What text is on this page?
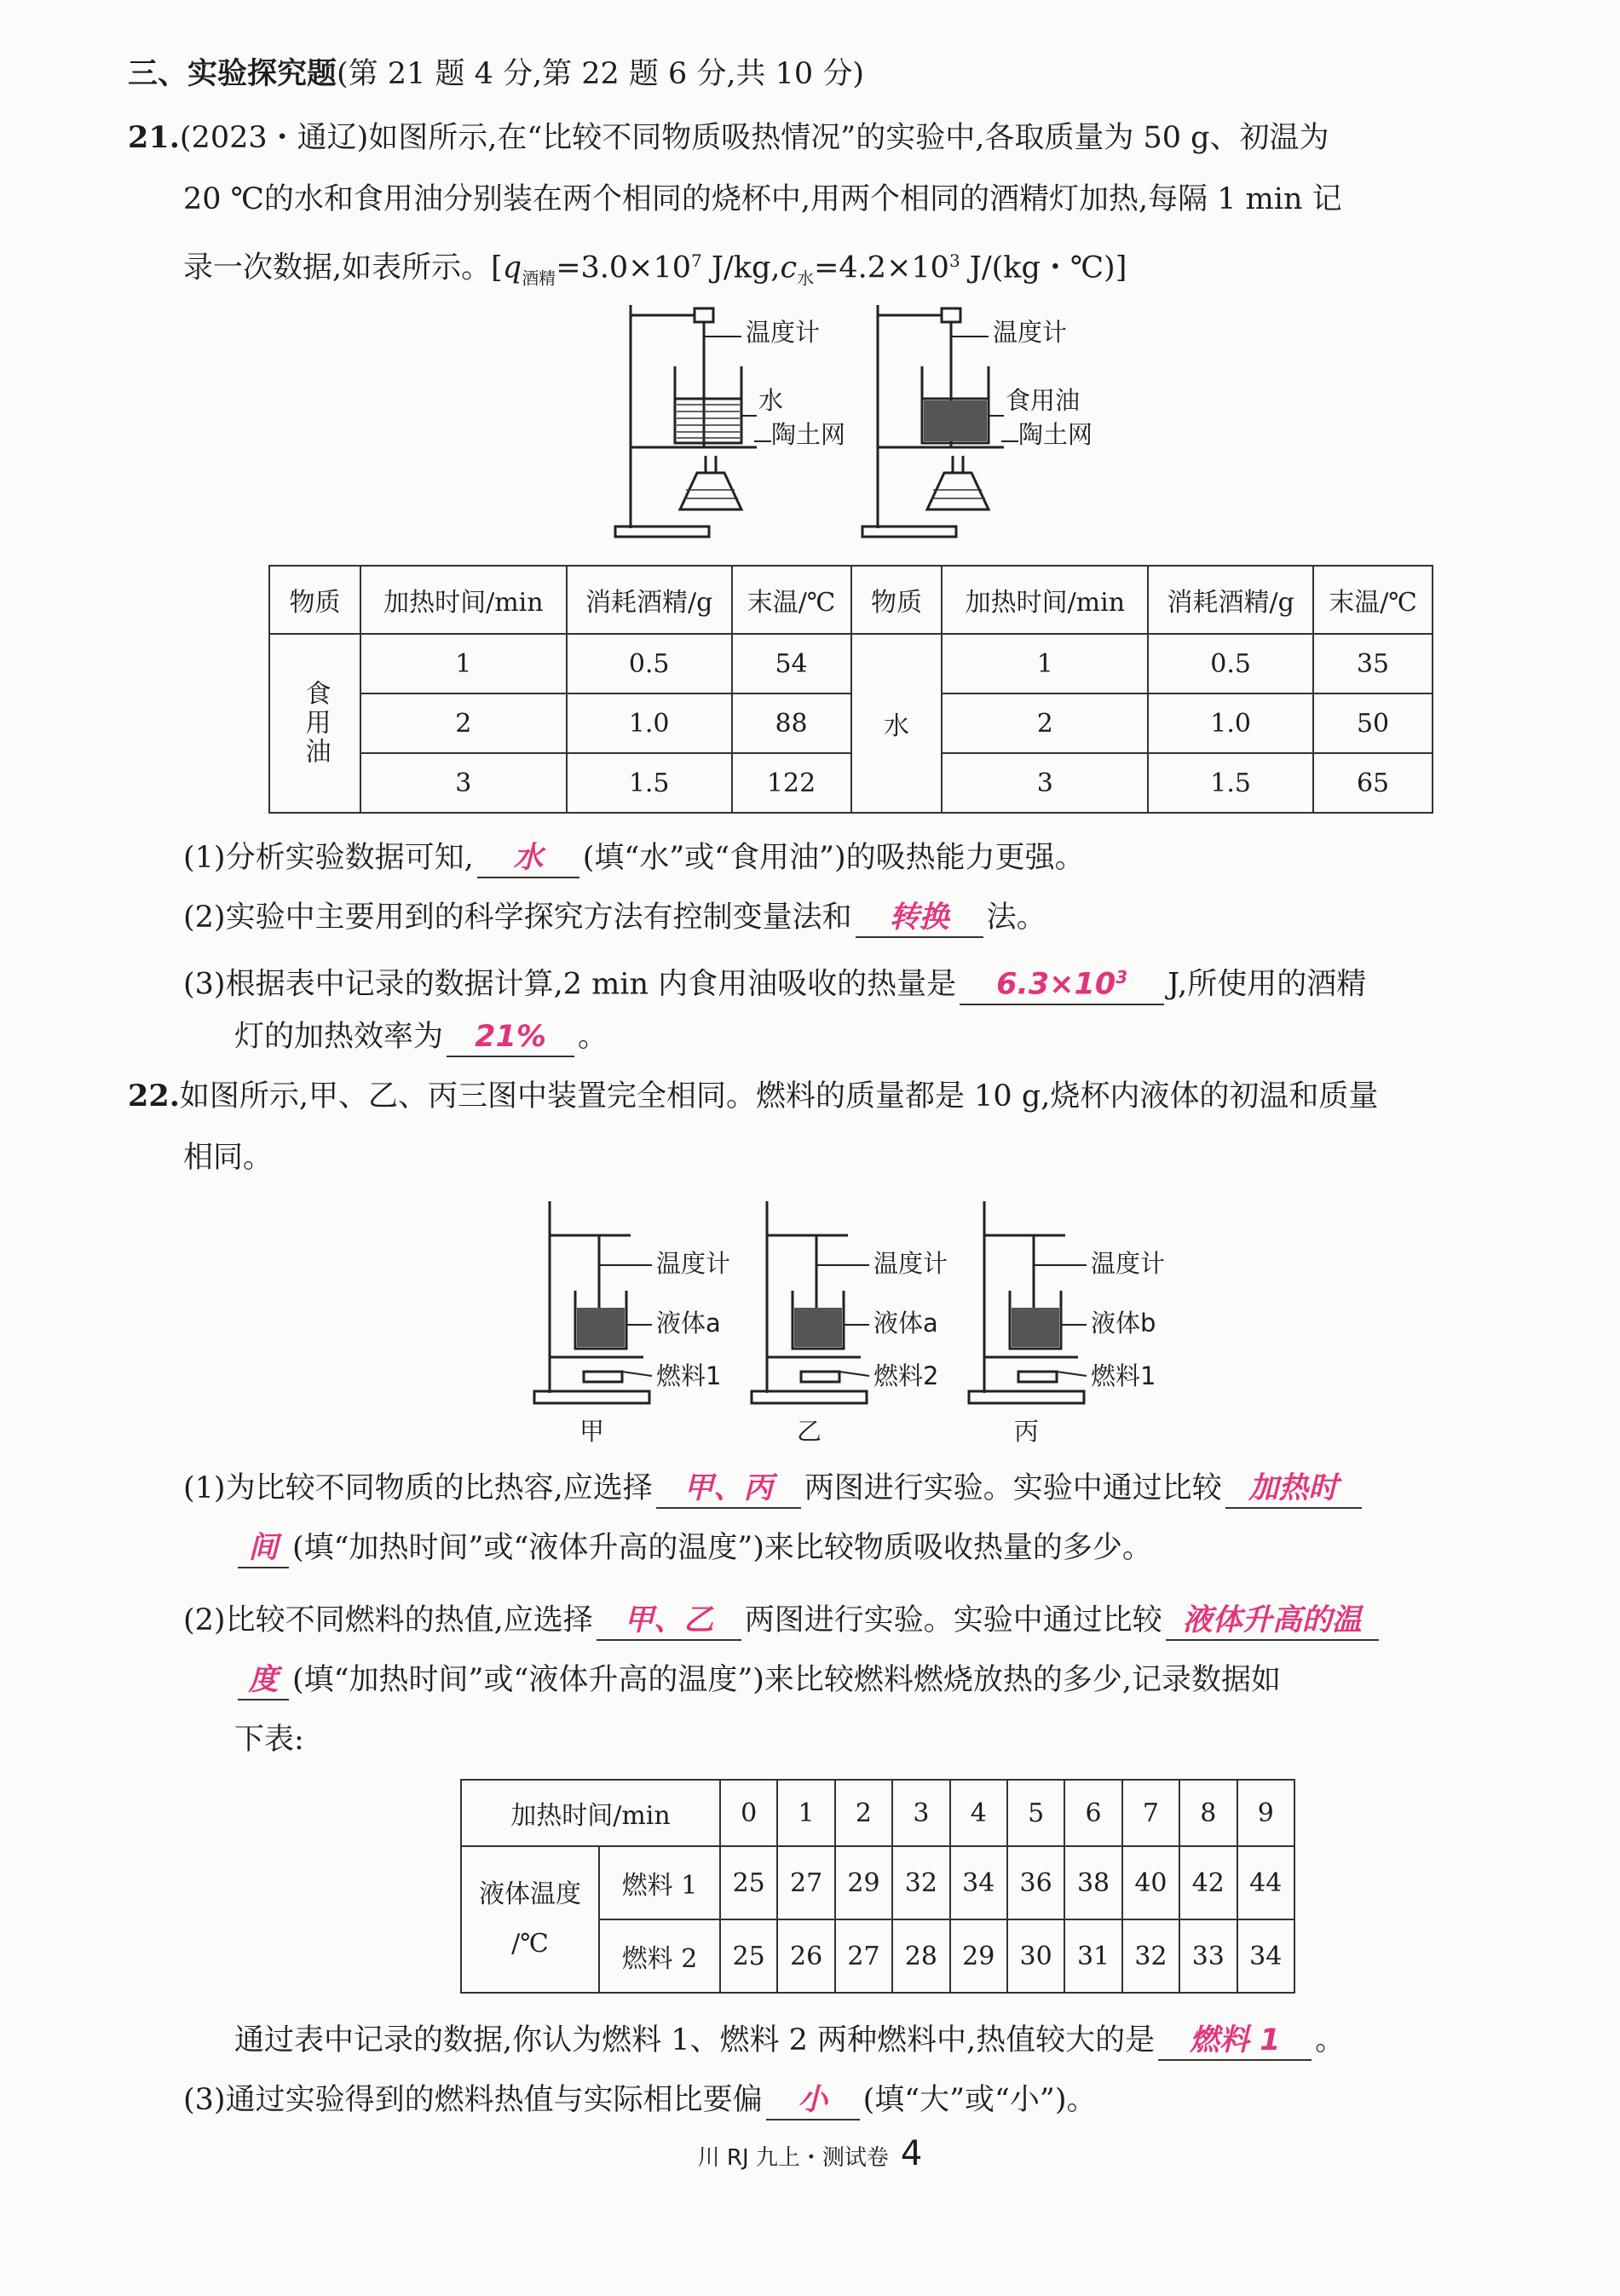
三、实验探究题(第 21 题 4 分,第 22 题 6 分,共 10 分)
21.(2023・通辽)如图所示,在“比较不同物质吸热情况”的实验中,各取质量为 50 g、初温为
20 ℃的水和食用油分别装在两个相同的烧杯中,用两个相同的酒精灯加热,每隔 1 min 记
录一次数据,如表所示。[$q_{酒精}=3.0\times 10^7$ $J/kg,c_水=4.2\times 10^3$ J/(kg・℃)]
温度计
水
陶土网
温度计
食用油
陶土网
物质	加热时间/min	消耗酒精/g	末温/℃	物质	加热时间/min	消耗酒精/g	末温/℃
食用油	1	0.5	54	水	1	0.5	35
	2	1.0	88		2	1.0	50
	3	1.5	122		3	1.5	65
(1)分析实验数据可知, 水 (填“水”或“食用油”)的吸热能力更强。
(2)实验中主要用到的科学探究方法有控制变量法和 转换 法。
(3)根据表中记录的数据计算,2 min 内食用油吸收的热量是 $6.3\times 10^3$ J,所使用的酒精
灯的加热效率为 21% 。
22.如图所示,甲、乙、丙三图中装置完全相同。燃料的质量都是 10 g,烧杯内液体的初温和质量
相同。
温度计
液体a
燃料1
甲
温度计
液体a
燃料2
乙
温度计
液体b
燃料1
丙
(1)为比较不同物质的比热容,应选择 甲、丙 两图进行实验。实验中通过比较 加热时
间 (填“加热时间”或“液体升高的温度”)来比较物质吸收热量的多少。
(2)比较不同燃料的热值,应选择 甲、乙 两图进行实验。实验中通过比较 液体升高的温
度 (填“加热时间”或“液体升高的温度”)来比较燃料燃烧放热的多少,记录数据如
下表:
加热时间/min		0	1	2	3	4	5	6	7	8	9
液体温度
/℃	燃料 1	25	27	29	32	34	36	38	40	42	44
	燃料 2	25	26	27	28	29	30	31	32	33	34
通过表中记录的数据,你认为燃料 1、燃料 2 两种燃料中,热值较大的是 燃料 1 。
(3)通过实验得到的燃料热值与实际相比要偏 小 (填“大”或“小”)。
川 RJ 九上・测试卷 4
